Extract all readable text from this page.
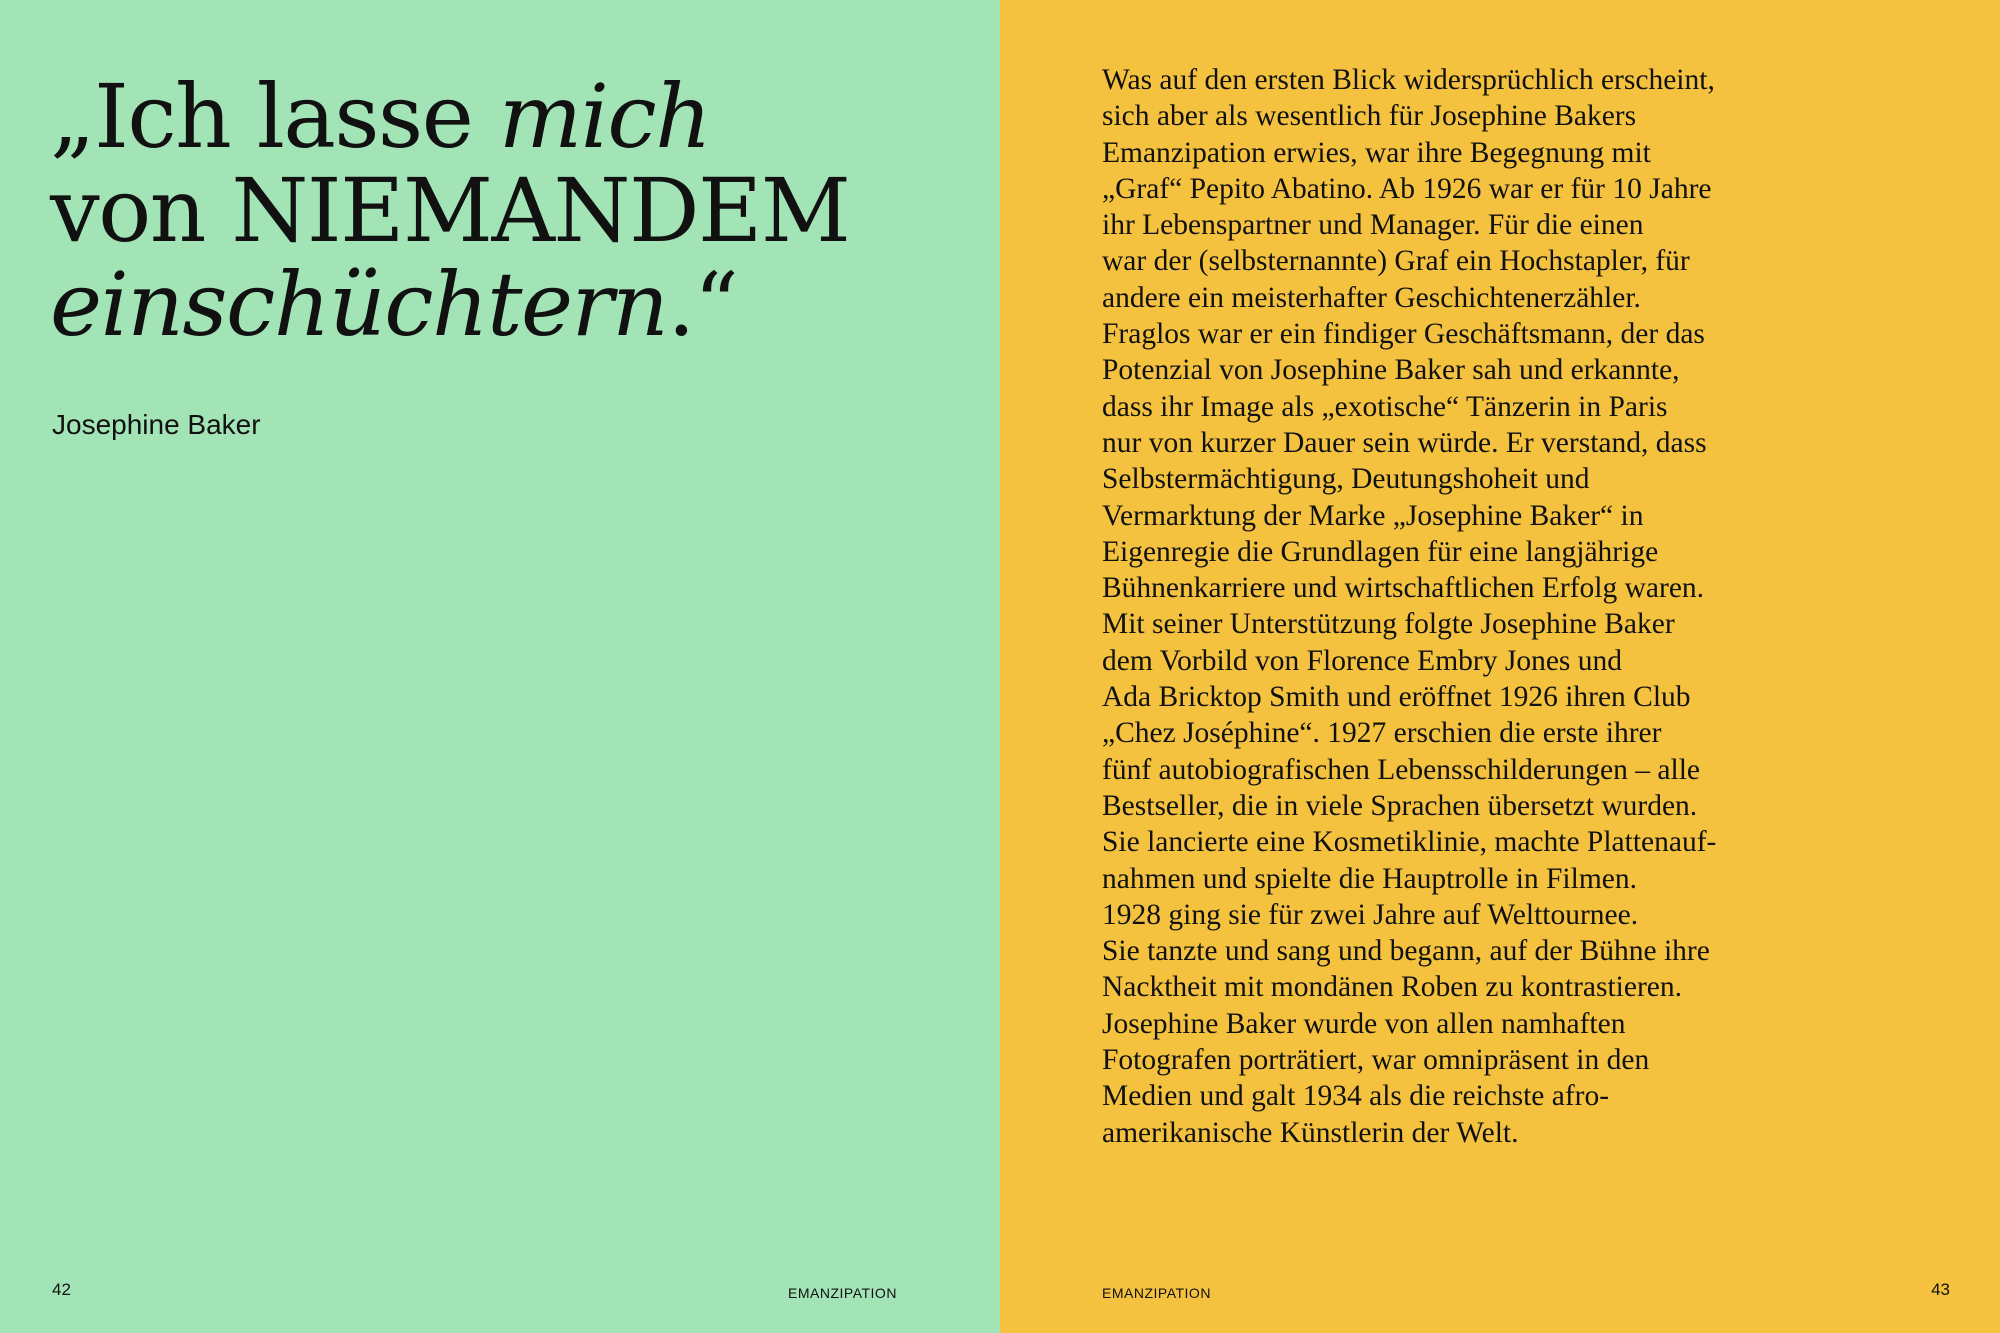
„Ich lasse mich
von NIEMANDEM
einschüchtern.“

Josephine Baker

42	EMANZIPATION
Was auf den ersten Blick widersprüchlich erscheint,
sich aber als wesentlich für Josephine Bakers
Emanzipation erwies, war ihre Begegnung mit
„Graf“ Pepito Abatino. Ab 1926 war er für 10 Jahre
ihr Lebenspartner und Manager. Für die einen
war der (selbsternannte) Graf ein Hochstapler, für
andere ein meisterhafter Geschichtenerzähler.
Fraglos war er ein findiger Geschäftsmann, der das
Potenzial von Josephine Baker sah und erkannte,
dass ihr Image als „exotische“ Tänzerin in Paris
nur von kurzer Dauer sein würde. Er verstand, dass
Selbstermächtigung, Deutungshoheit und
Vermarktung der Marke „Josephine Baker“ in
Eigenregie die Grundlagen für eine langjährige
Bühnenkarriere und wirtschaftlichen Erfolg waren.
Mit seiner Unterstützung folgte Josephine Baker
dem Vorbild von Florence Embry Jones und
Ada Bricktop Smith und eröffnet 1926 ihren Club
„Chez Joséphine“. 1927 erschien die erste ihrer
fünf autobiografischen Lebensschilderungen – alle
Bestseller, die in viele Sprachen übersetzt wurden.
Sie lancierte eine Kosmetiklinie, machte Plattenauf-
nahmen und spielte die Hauptrolle in Filmen.
1928 ging sie für zwei Jahre auf Welttournee.
Sie tanzte und sang und begann, auf der Bühne ihre
Nacktheit mit mondänen Roben zu kontrastieren.
Josephine Baker wurde von allen namhaften
Fotografen porträtiert, war omnipräsent in den
Medien und galt 1934 als die reichste afro-
amerikanische Künstlerin der Welt.
EMANZIPATION	43
